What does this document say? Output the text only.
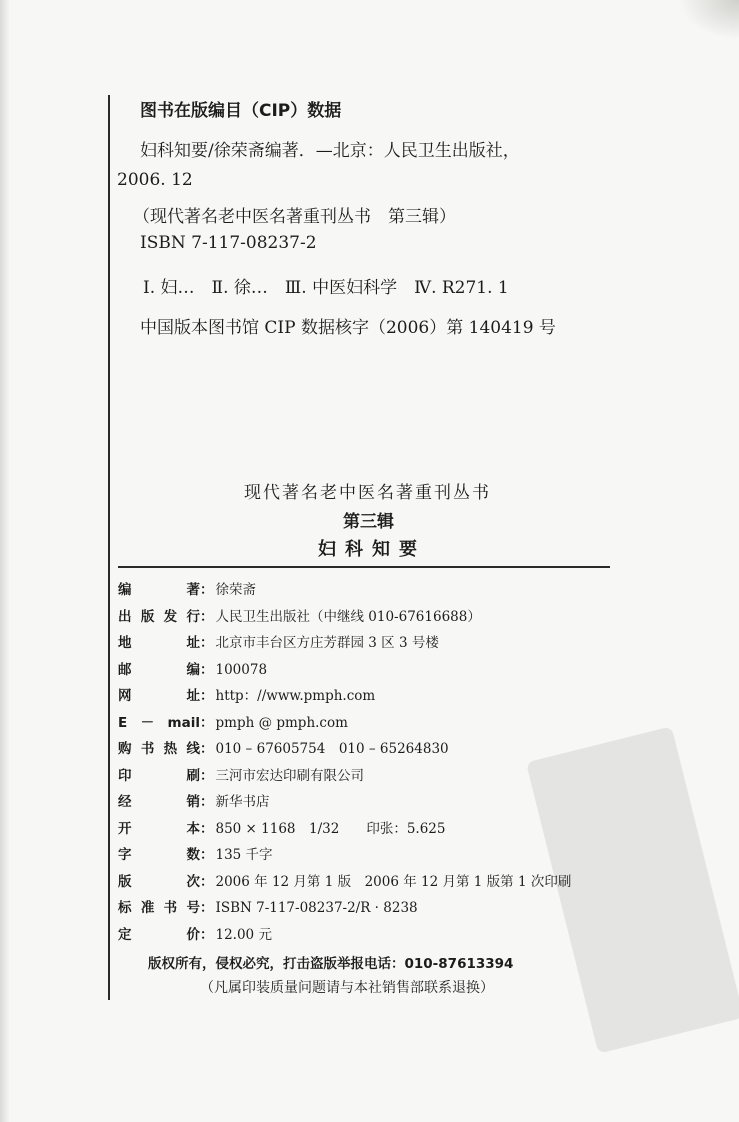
图书在版编目（CIP）数据
妇科知要/徐荣斋编著．—北京：人民卫生出版社，
2006. 12
（现代著名老中医名著重刊丛书　第三辑）
ISBN 7-117-08237-2
Ⅰ. 妇…　Ⅱ. 徐…　Ⅲ. 中医妇科学　Ⅳ. R271. 1
中国版本图书馆 CIP 数据核字（2006）第 140419 号
现代著名老中医名著重刊丛书
第三辑
妇科知要
编　　著： 徐荣斋
出版发行： 人民卫生出版社（中继线 010-67616688）
地　　址： 北京市丰台区方庄芳群园 3 区 3 号楼
邮　　编： 100078
网　　址： http：//www.pmph.com
E － mail： pmph @ pmph.com
购书热线： 010 – 67605754　010 – 65264830
印　　刷： 三河市宏达印刷有限公司
经　　销： 新华书店
开　　本： 850 × 1168　1/32　　印张：5.625
字　　数： 135 千字
版　　次： 2006 年 12 月第 1 版　2006 年 12 月第 1 版第 1 次印刷
标准书号： ISBN 7-117-08237-2/R · 8238
定　　价： 12.00 元
版权所有，侵权必究，打击盗版举报电话：010-87613394
（凡属印装质量问题请与本社销售部联系退换）
